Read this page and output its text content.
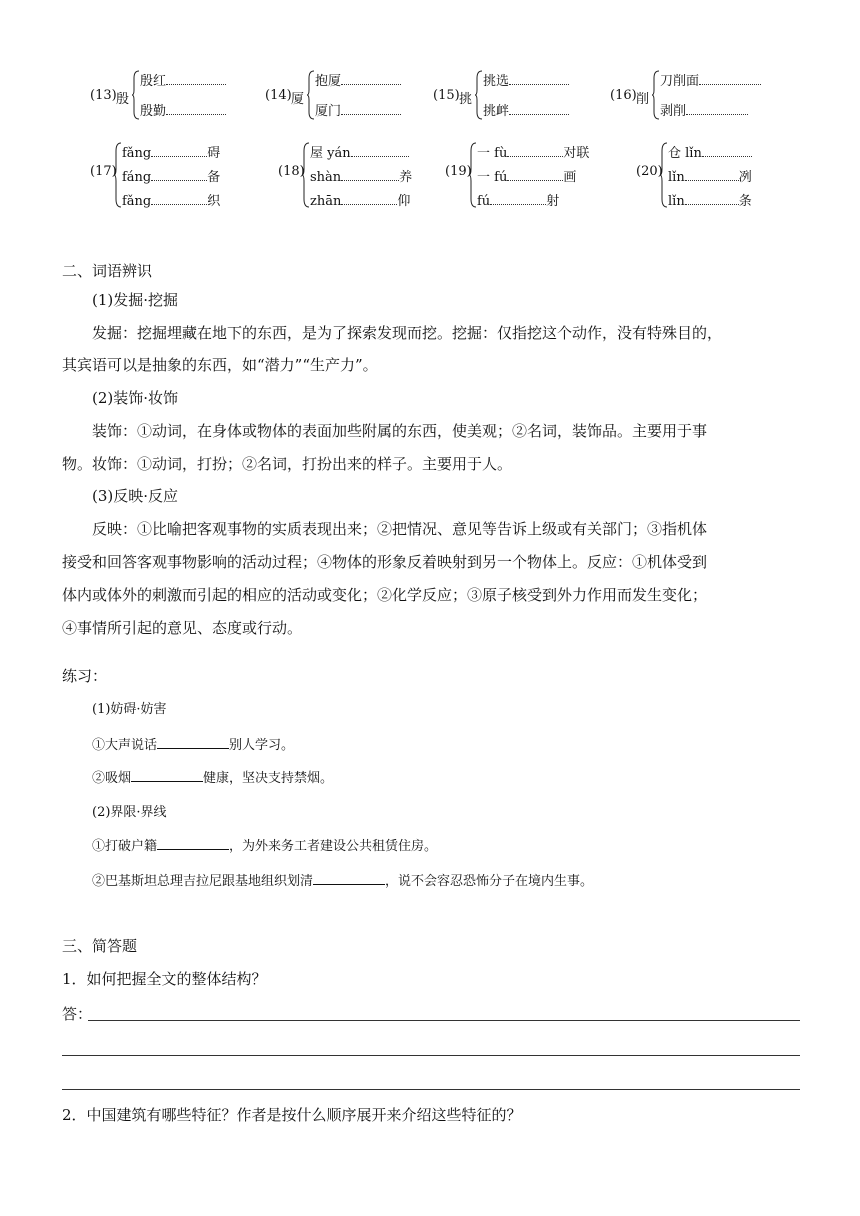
(13) 殷
殷红
殷勤
(14) 厦
抱厦
厦门
(15) 挑
挑选
挑衅
(16) 削
刀削面
剥削
(17)
fǎng	碍
fáng	备
fǎng	织
(18)
屋 yán
shàn	养
zhān	仰
(19)
一 fù	对联
一 fú	画
fú	射
(20)
仓 lǐn
lǐn	冽
lǐn	条
二、词语辨识
(1)发掘·挖掘
发掘：挖掘埋藏在地下的东西，是为了探索发现而挖。挖掘：仅指挖这个动作，没有特殊目的，
其宾语可以是抽象的东西，如“潜力”“生产力”。
(2)装饰·妆饰
装饰：①动词，在身体或物体的表面加些附属的东西，使美观；②名词，装饰品。主要用于事
物。妆饰：①动词，打扮；②名词，打扮出来的样子。主要用于人。
(3)反映·反应
反映：①比喻把客观事物的实质表现出来；②把情况、意见等告诉上级或有关部门；③指机体
接受和回答客观事物影响的活动过程；④物体的形象反着映射到另一个物体上。反应：①机体受到
体内或体外的刺激而引起的相应的活动或变化；②化学反应；③原子核受到外力作用而发生变化；
④事情所引起的意见、态度或行动。
练习：
(1)妨碍·妨害
①大声说话	别人学习。
②吸烟	健康，坚决支持禁烟。
(2)界限·界线
①打破户籍	，为外来务工者建设公共租赁住房。
②巴基斯坦总理吉拉尼跟基地组织划清	，说不会容忍恐怖分子在境内生事。
三、简答题
1．如何把握全文的整体结构？
答：
2．中国建筑有哪些特征？作者是按什么顺序展开来介绍这些特征的？
